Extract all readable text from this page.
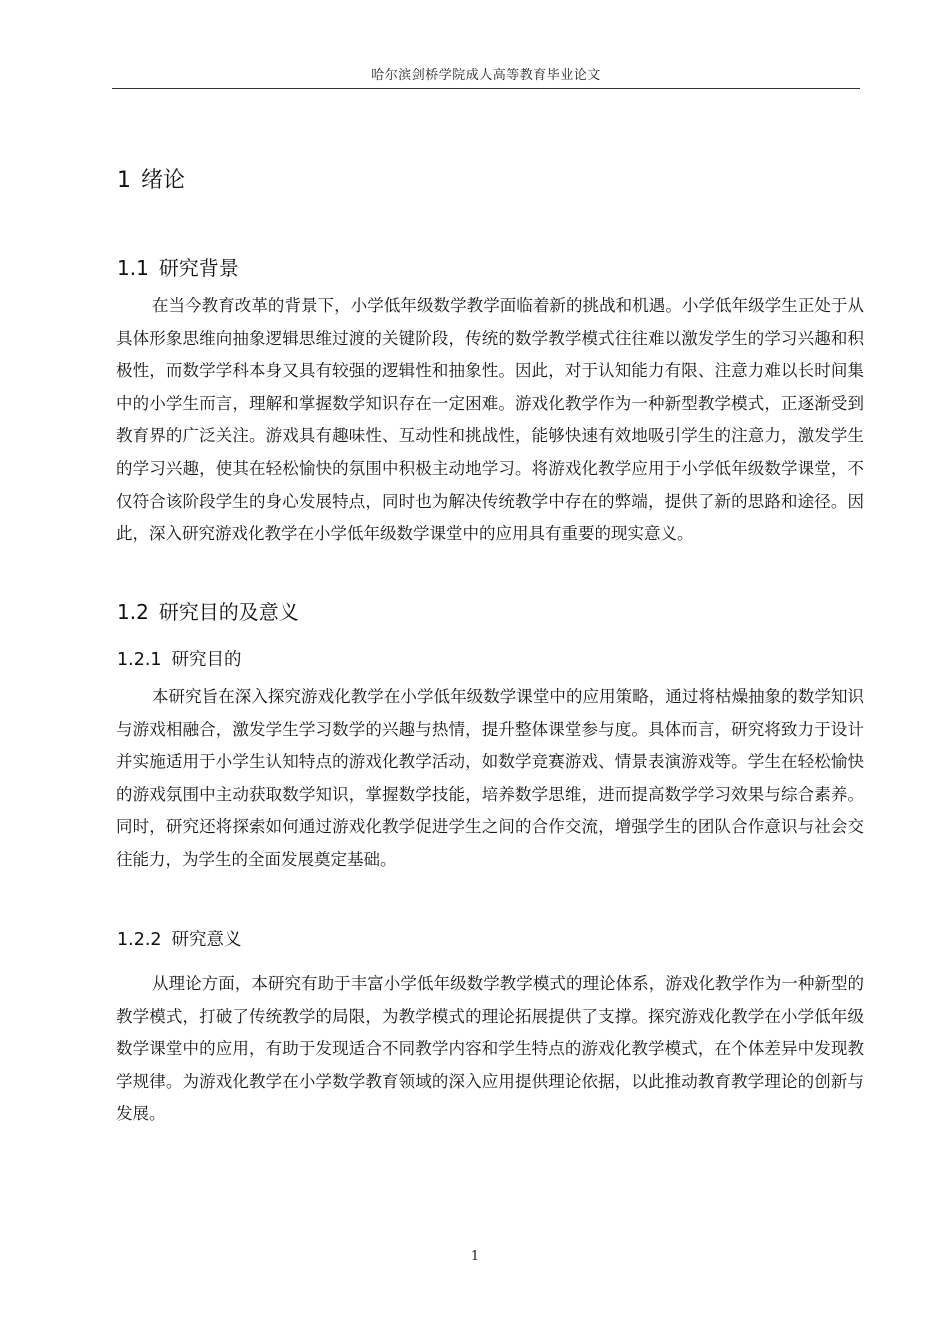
哈尔滨剑桥学院成人高等教育毕业论文
1 绪论
1.1 研究背景

在当今教育改革的背景下，小学低年级数学教学面临着新的挑战和机遇。小学低年级学生正处于从具体形象思维向抽象逻辑思维过渡的关键阶段，传统的数学教学模式往往难以激发学生的学习兴趣和积极性，而数学学科本身又具有较强的逻辑性和抽象性。因此，对于认知能力有限、注意力难以长时间集中的小学生而言，理解和掌握数学知识存在一定困难。游戏化教学作为一种新型教学模式，正逐渐受到教育界的广泛关注。游戏具有趣味性、互动性和挑战性，能够快速有效地吸引学生的注意力，激发学生的学习兴趣，使其在轻松愉快的氛围中积极主动地学习。将游戏化教学应用于小学低年级数学课堂，不仅符合该阶段学生的身心发展特点，同时也为解决传统教学中存在的弊端，提供了新的思路和途径。因此，深入研究游戏化教学在小学低年级数学课堂中的应用具有重要的现实意义。

1.2 研究目的及意义
1.2.1 研究目的

本研究旨在深入探究游戏化教学在小学低年级数学课堂中的应用策略，通过将枯燥抽象的数学知识与游戏相融合，激发学生学习数学的兴趣与热情，提升整体课堂参与度。具体而言，研究将致力于设计并实施适用于小学生认知特点的游戏化教学活动，如数学竞赛游戏、情景表演游戏等。学生在轻松愉快的游戏氛围中主动获取数学知识，掌握数学技能，培养数学思维，进而提高数学学习效果与综合素养。同时，研究还将探索如何通过游戏化教学促进学生之间的合作交流，增强学生的团队合作意识与社会交往能力，为学生的全面发展奠定基础。

1.2.2 研究意义

从理论方面，本研究有助于丰富小学低年级数学教学模式的理论体系，游戏化教学作为一种新型的教学模式，打破了传统教学的局限，为教学模式的理论拓展提供了支撑。探究游戏化教学在小学低年级数学课堂中的应用，有助于发现适合不同教学内容和学生特点的游戏化教学模式，在个体差异中发现教学规律。为游戏化教学在小学数学教育领域的深入应用提供理论依据，以此推动教育教学理论的创新与发展。

1
